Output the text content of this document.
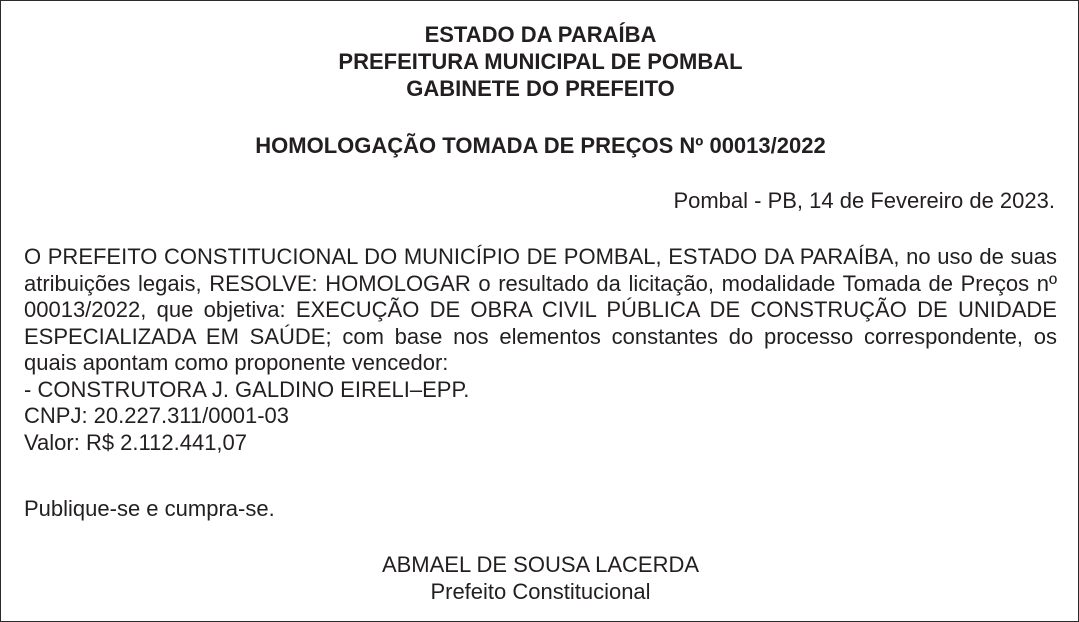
ESTADO DA PARAÍBA
PREFEITURA MUNICIPAL DE POMBAL
GABINETE DO PREFEITO
HOMOLOGAÇÃO TOMADA DE PREÇOS Nº 00013/2022
Pombal - PB, 14 de Fevereiro de 2023.
O PREFEITO CONSTITUCIONAL DO MUNICÍPIO DE POMBAL, ESTADO DA PARAÍBA, no uso de suas atribuições legais, RESOLVE: HOMOLOGAR o resultado da licitação, modalidade Tomada de Preços nº 00013/2022, que objetiva: EXECUÇÃO DE OBRA CIVIL PÚBLICA DE CONSTRUÇÃO DE UNIDADE ESPECIALIZADA EM SAÚDE; com base nos elementos constantes do processo correspondente, os quais apontam como proponente vencedor:
- CONSTRUTORA J. GALDINO EIRELI–EPP.
CNPJ: 20.227.311/0001-03
Valor: R$ 2.112.441,07
Publique-se e cumpra-se.
ABMAEL DE SOUSA LACERDA
Prefeito Constitucional
